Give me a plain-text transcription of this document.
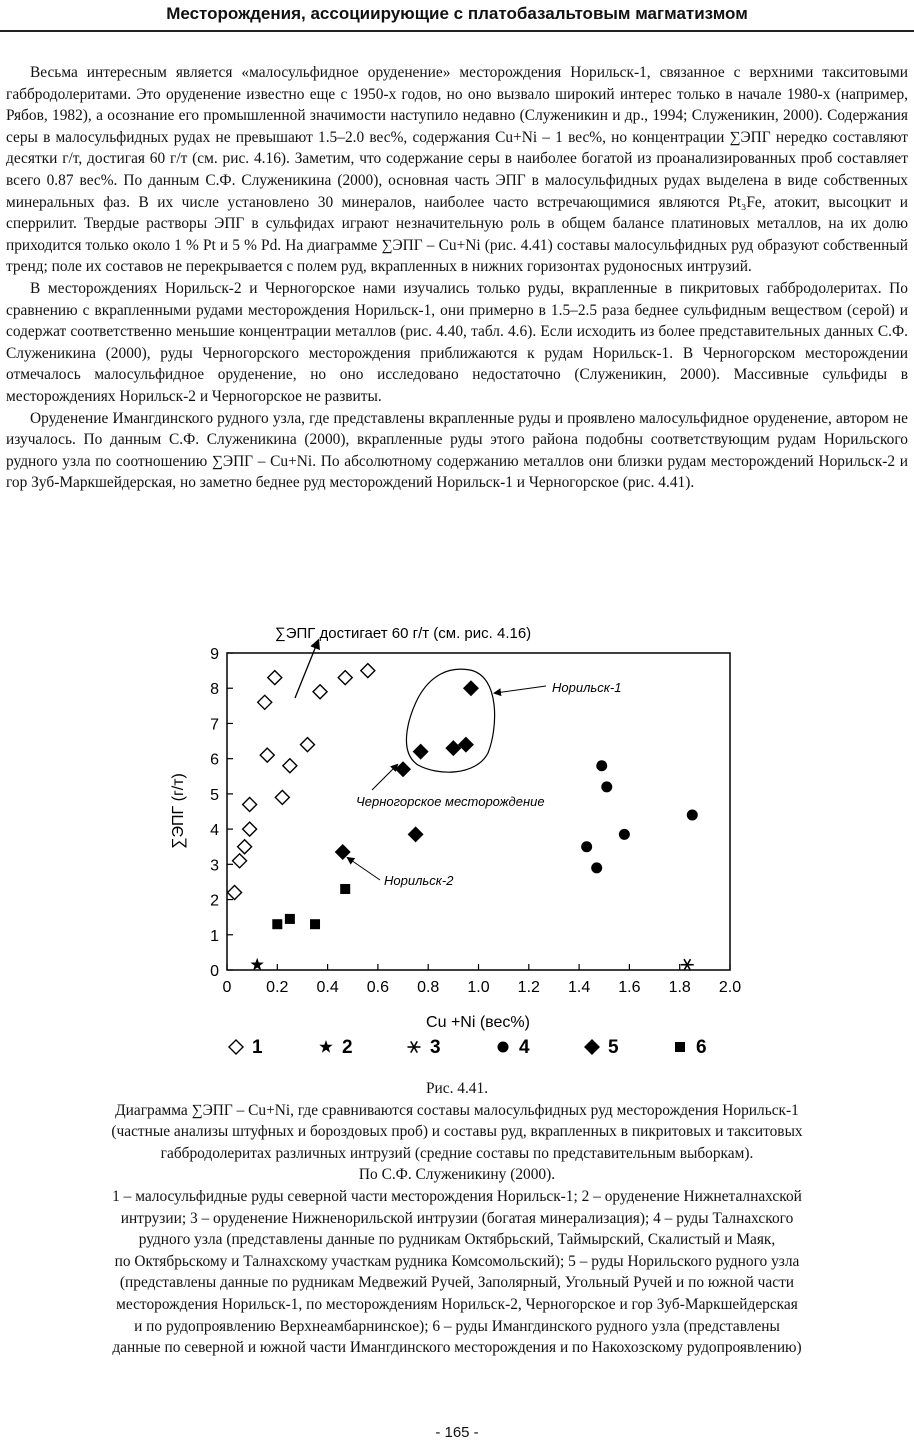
Месторождения, ассоциирующие с платобазальтовым магматизмом

Весьма интересным является «малосульфидное оруденение» месторождения Норильск-1, связанное с верхними такситовыми габбродолеритами. Это оруденение известно еще с 1950-х годов, но оно вызвало широкий интерес только в начале 1980-х (например, Рябов, 1982), а осознание его промышленной значимости наступило недавно (Служеникин и др., 1994; Служеникин, 2000). Содержания серы в малосульфидных рудах не превышают 1.5–2.0 вес%, содержания Cu+Ni – 1 вес%, но концентрации ∑ЭПГ нередко составляют десятки г/т, достигая 60 г/т (см. рис. 4.16). Заметим, что содержание серы в наиболее богатой из проанализированных проб составляет всего 0.87 вес%. По данным С.Ф. Служеникина (2000), основная часть ЭПГ в малосульфидных рудах выделена в виде собственных минеральных фаз. В их числе установлено 30 минералов, наиболее часто встречающимися являются Pt₃Fe, атокит, высоцкит и сперрилит. Твердые растворы ЭПГ в сульфидах играют незначительную роль в общем балансе платиновых металлов, на их долю приходится только около 1 % Pt и 5 % Pd. На диаграмме ∑ЭПГ – Cu+Ni (рис. 4.41) составы малосульфидных руд образуют собственный тренд; поле их составов не перекрывается с полем руд, вкрапленных в нижних горизонтах рудоносных интрузий.

В месторождениях Норильск-2 и Черногорское нами изучались только руды, вкрапленные в пикритовых габбродолеритах. По сравнению с вкрапленными рудами месторождения Норильск-1, они примерно в 1.5–2.5 раза беднее сульфидным веществом (серой) и содержат соответственно меньшие концентрации металлов (рис. 4.40, табл. 4.6). Если исходить из более представительных данных С.Ф. Служеникина (2000), руды Черногорского месторождения приближаются к рудам Норильск-1. В Черногорском месторождении отмечалось малосульфидное оруденение, но оно исследовано недостаточно (Служеникин, 2000). Массивные сульфиды в месторождениях Норильск-2 и Черногорское не развиты.

Оруденение Имангдинского рудного узла, где представлены вкрапленные руды и проявлено малосульфидное оруденение, автором не изучалось. По данным С.Ф. Служеникина (2000), вкрапленные руды этого района подобны соответствующим рудам Норильского рудного узла по соотношению ∑ЭПГ – Cu+Ni. По абсолютному содержанию металлов они близки рудам месторождений Норильск-2 и гор Зуб-Маркшейдерская, но заметно беднее руд месторождений Норильск-1 и Черногорское (рис. 4.41).

0 0.2 0.4 0.6 0.8 1.0 1.2 1.4 1.6 1.8 2.0
0
1
2
3
4
5
6
7
8
9
∑ЭПГ достигает 60 г/т (см. рис. 4.16)
Норильск-1
Черногорское месторождение
Норильск-2
Cu +Ni (вес%)
∑ЭПГ (г/т)
1	2	3	4	5	6
Рис. 4.41.
Диаграмма ∑ЭПГ – Cu+Ni, где сравниваются составы малосульфидных руд месторождения Норильск-1
(частные анализы штуфных и бороздовых проб) и составы руд, вкрапленных в пикритовых и такситовых
габбродолеритах различных интрузий (средние составы по представительным выборкам).
По С.Ф. Служеникину (2000).
1 – малосульфидные руды северной части месторождения Норильск-1; 2 – оруденение Нижнеталнахской
интрузии; 3 – оруденение Нижненорильской интрузии (богатая минерализация); 4 – руды Талнахского
рудного узла (представлены данные по рудникам Октябрьский, Таймырский, Скалистый и Маяк,
по Октябрьскому и Талнахскому участкам рудника Комсомольский); 5 – руды Норильского рудного узла
(представлены данные по рудникам Медвежий Ручей, Заполярный, Угольный Ручей и по южной части
месторождения Норильск-1, по месторождениям Норильск-2, Черногорское и гор Зуб-Маркшейдерская
и по рудопроявлению Верхнеамбарнинское); 6 – руды Имангдинского рудного узла (представлены
данные по северной и южной части Имангдинского месторождения и по Накохозскому рудопроявлению)
- 165 -
